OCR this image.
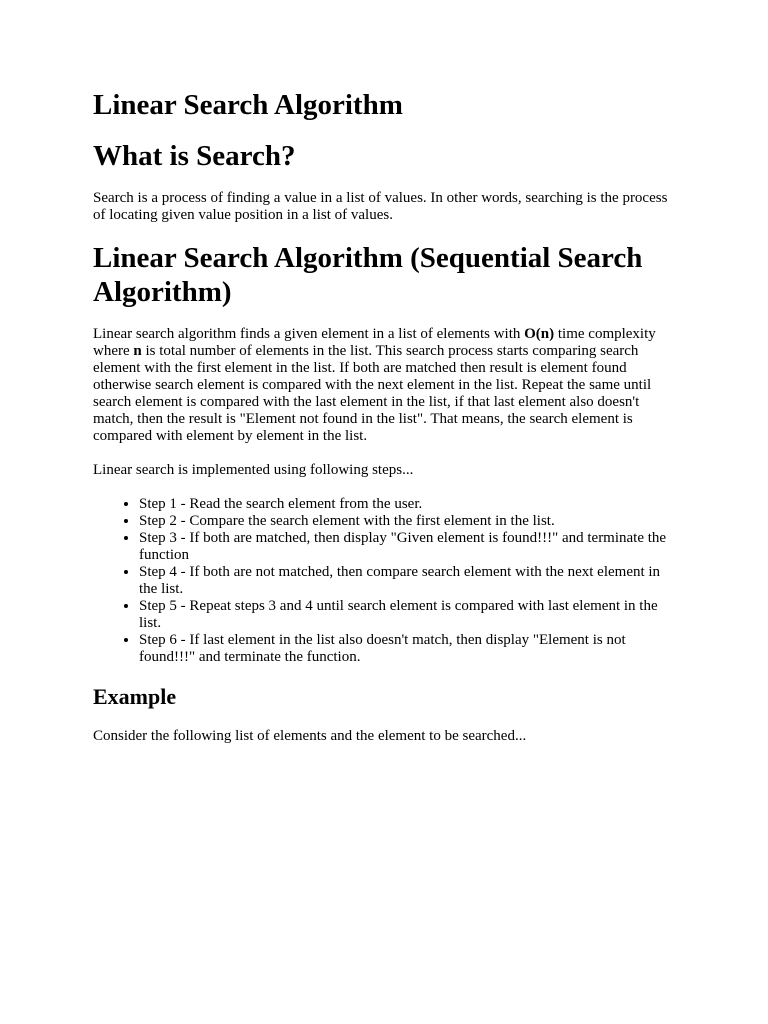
Linear Search Algorithm
What is Search?

Search is a process of finding a value in a list of values. In other words, searching is the process of locating given value position in a list of values.

Linear Search Algorithm (Sequential Search Algorithm)

Linear search algorithm finds a given element in a list of elements with O(n) time complexity where n is total number of elements in the list. This search process starts comparing search element with the first element in the list. If both are matched then result is element found otherwise search element is compared with the next element in the list. Repeat the same until search element is compared with the last element in the list, if that last element also doesn't match, then the result is "Element not found in the list". That means, the search element is compared with element by element in the list.

Linear search is implemented using following steps...

• Step 1 - Read the search element from the user.
• Step 2 - Compare the search element with the first element in the list.
• Step 3 - If both are matched, then display "Given element is found!!!" and terminate the function
• Step 4 - If both are not matched, then compare search element with the next element in the list.
• Step 5 - Repeat steps 3 and 4 until search element is compared with last element in the list.
• Step 6 - If last element in the list also doesn't match, then display "Element is not found!!!" and terminate the function.
Example

Consider the following list of elements and the element to be searched...
